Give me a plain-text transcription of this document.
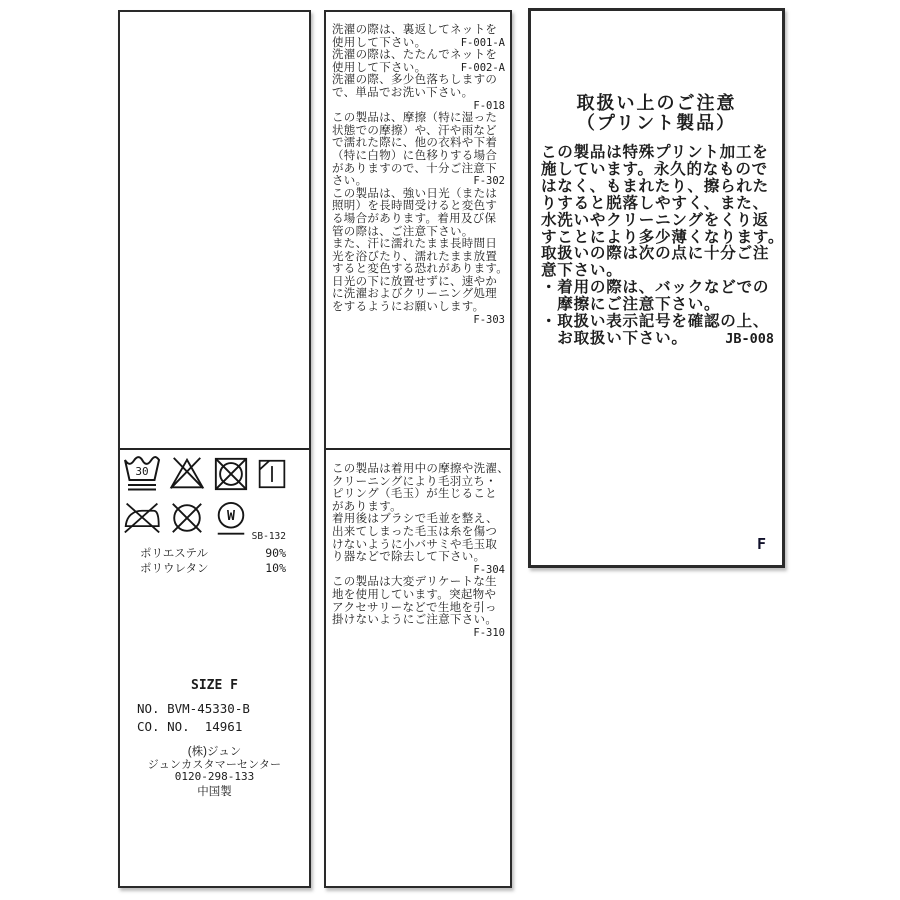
30
W
SB-132
ポリエステル	90%
ポリウレタン	10%
SIZE F
NO. BVM-45330-B
CO. NO.  14961
(株)ジュン
ジュンカスタマーセンター
0120-298-133
中国製
洗濯の際は、裏返してネットを
使用して下さい。	F-001-A
洗濯の際は、たたんでネットを
使用して下さい。	F-002-A
洗濯の際、多少色落ちしますの
で、単品でお洗い下さい。
F-018
この製品は、摩擦（特に湿った
状態での摩擦）や、汗や雨など
で濡れた際に、他の衣料や下着
（特に白物）に色移りする場合
がありますので、十分ご注意下
さい。	F-302
この製品は、強い日光（または
照明）を長時間受けると変色す
る場合があります。着用及び保
管の際は、ご注意下さい。
また、汗に濡れたまま長時間日
光を浴びたり、濡れたまま放置
すると変色する恐れがあります。
日光の下に放置せずに、速やか
に洗濯およびクリーニング処理
をするようにお願いします。
F-303
この製品は着用中の摩擦や洗濯、
クリーニングにより毛羽立ち・
ピリング（毛玉）が生じること
があります。
着用後はブラシで毛並を整え、
出来てしまった毛玉は糸を傷つ
けないように小バサミや毛玉取
り器などで除去して下さい。
F-304
この製品は大変デリケートな生
地を使用しています。突起物や
アクセサリーなどで生地を引っ
掛けないようにご注意下さい。
F-310
取扱い上のご注意
（プリント製品）
この製品は特殊プリント加工を
施しています。永久的なもので
はなく、もまれたり、擦られた
りすると脱落しやすく、また、
水洗いやクリーニングをくり返
すことにより多少薄くなります。
取扱いの際は次の点に十分ご注
意下さい。
・着用の際は、バックなどでの
　摩擦にご注意下さい。
・取扱い表示記号を確認の上、
　お取扱い下さい。	JB-008
F
